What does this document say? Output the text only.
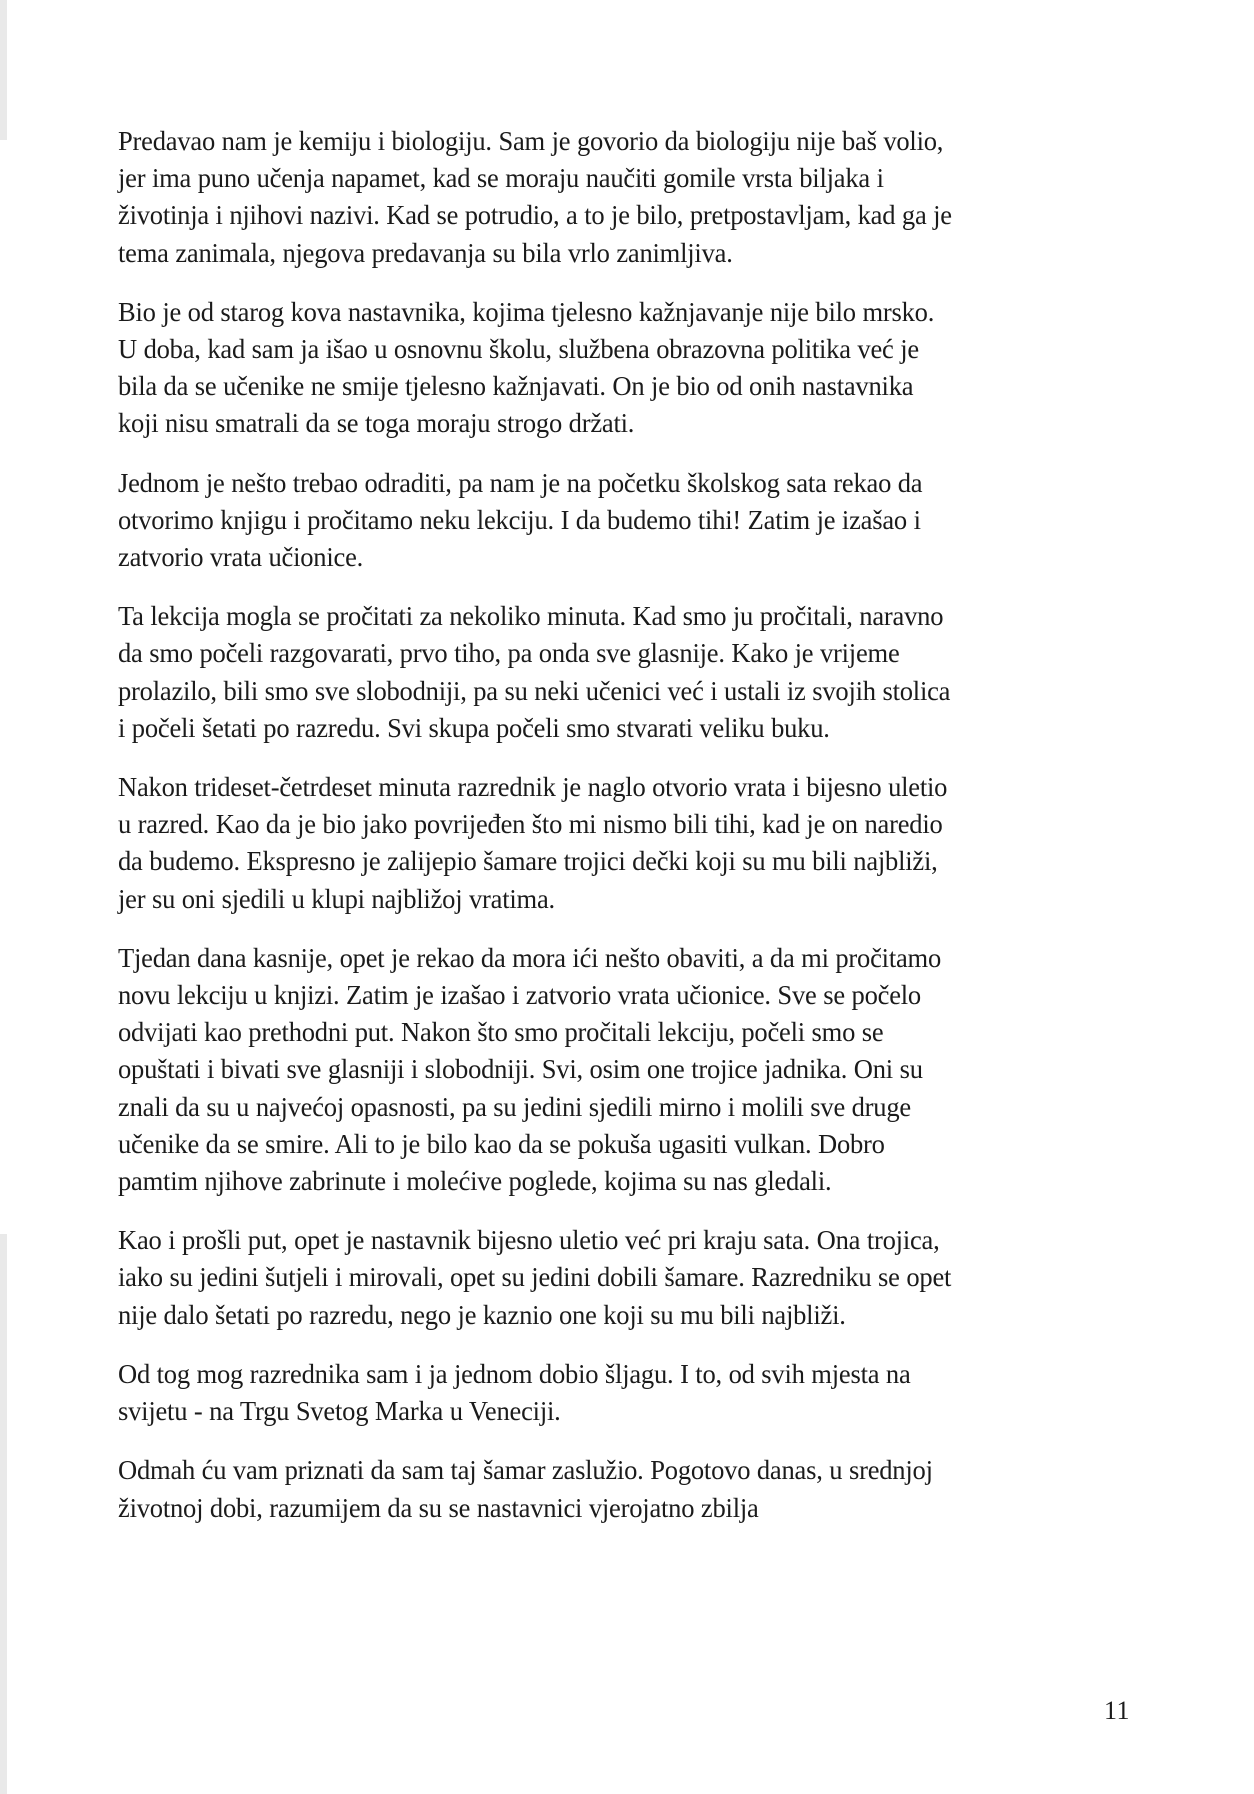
Predavao nam je kemiju i biologiju. Sam je govorio da biologiju nije baš volio, jer ima puno učenja napamet, kad se moraju naučiti gomile vrsta biljaka i životinja i njihovi nazivi. Kad se potrudio, a to je bilo, pretpostavljam, kad ga je tema zanimala, njegova predavanja su bila vrlo zanimljiva.

Bio je od starog kova nastavnika, kojima tjelesno kažnjavanje nije bilo mrsko. U doba, kad sam ja išao u osnovnu školu, službena obrazovna politika već je bila da se učenike ne smije tjelesno kažnjavati. On je bio od onih nastavnika koji nisu smatrali da se toga moraju strogo držati.

Jednom je nešto trebao odraditi, pa nam je na početku školskog sata rekao da otvorimo knjigu i pročitamo neku lekciju. I da budemo tihi! Zatim je izašao i zatvorio vrata učionice.

Ta lekcija mogla se pročitati za nekoliko minuta. Kad smo ju pročitali, naravno da smo počeli razgovarati, prvo tiho, pa onda sve glasnije. Kako je vrijeme prolazilo, bili smo sve slobodniji, pa su neki učenici već i ustali iz svojih stolica i počeli šetati po razredu. Svi skupa počeli smo stvarati veliku buku.

Nakon trideset-četrdeset minuta razrednik je naglo otvorio vrata i bijesno uletio u razred. Kao da je bio jako povrijeđen što mi nismo bili tihi, kad je on naredio da budemo. Ekspresno je zalijepio šamare trojici dečki koji su mu bili najbliži, jer su oni sjedili u klupi najbližoj vratima.

Tjedan dana kasnije, opet je rekao da mora ići nešto obaviti, a da mi pročitamo novu lekciju u knjizi. Zatim je izašao i zatvorio vrata učionice. Sve se počelo odvijati kao prethodni put. Nakon što smo pročitali lekciju, počeli smo se opuštati i bivati sve glasniji i slobodniji. Svi, osim one trojice jadnika. Oni su znali da su u najvećoj opasnosti, pa su jedini sjedili mirno i molili sve druge učenike da se smire. Ali to je bilo kao da se pokuša ugasiti vulkan. Dobro pamtim njihove zabrinute i molećive poglede, kojima su nas gledali.

Kao i prošli put, opet je nastavnik bijesno uletio već pri kraju sata. Ona trojica, iako su jedini šutjeli i mirovali, opet su jedini dobili šamare. Razredniku se opet nije dalo šetati po razredu, nego je kaznio one koji su mu bili najbliži.

Od tog mog razrednika sam i ja jednom dobio šljagu. I to, od svih mjesta na svijetu - na Trgu Svetog Marka u Veneciji.

Odmah ću vam priznati da sam taj šamar zaslužio. Pogotovo danas, u srednjoj životnoj dobi, razumijem da su se nastavnici vjerojatno zbilja

11
